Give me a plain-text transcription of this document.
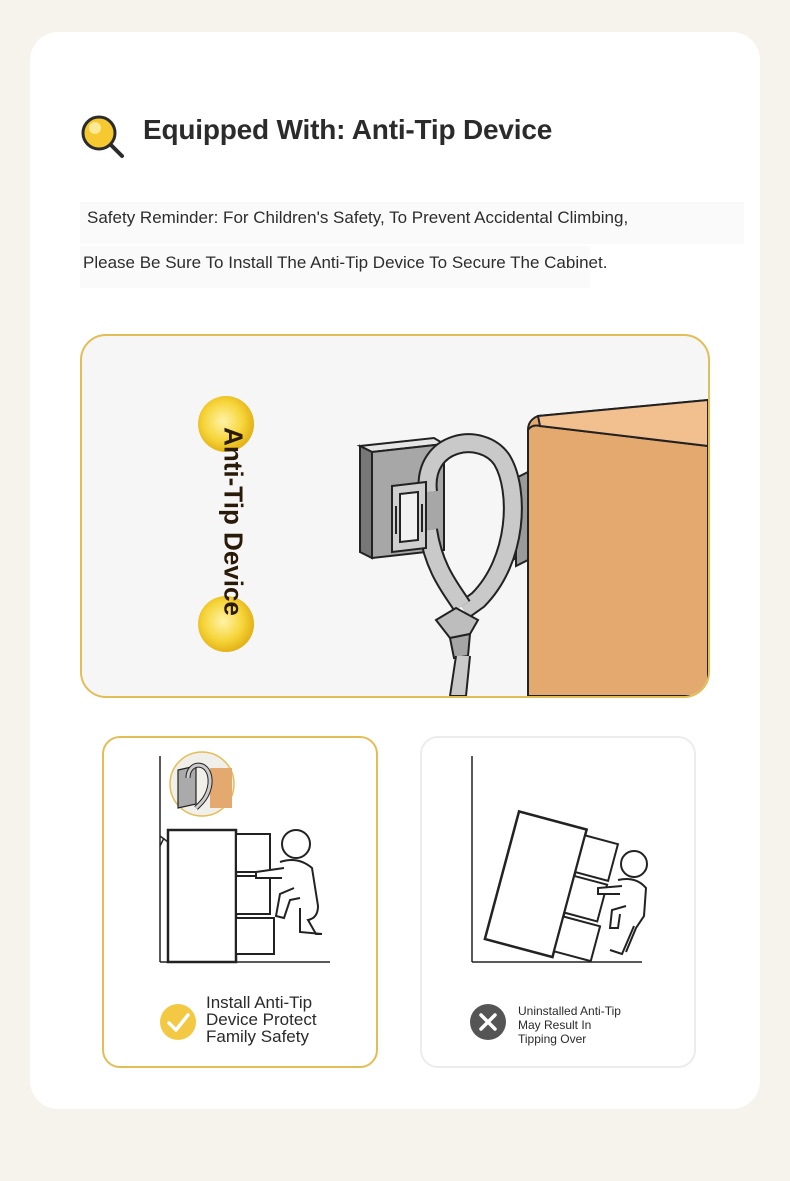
Equipped With: Anti-Tip Device
Safety Reminder: For Children's Safety, To Prevent Accidental Climbing,
Please Be Sure To Install The Anti-Tip Device To Secure The Cabinet.
Anti-Tip Device
Install Anti-Tip
Device Protect
Family Safety
Uninstalled Anti-Tip
May Result In
Tipping Over
